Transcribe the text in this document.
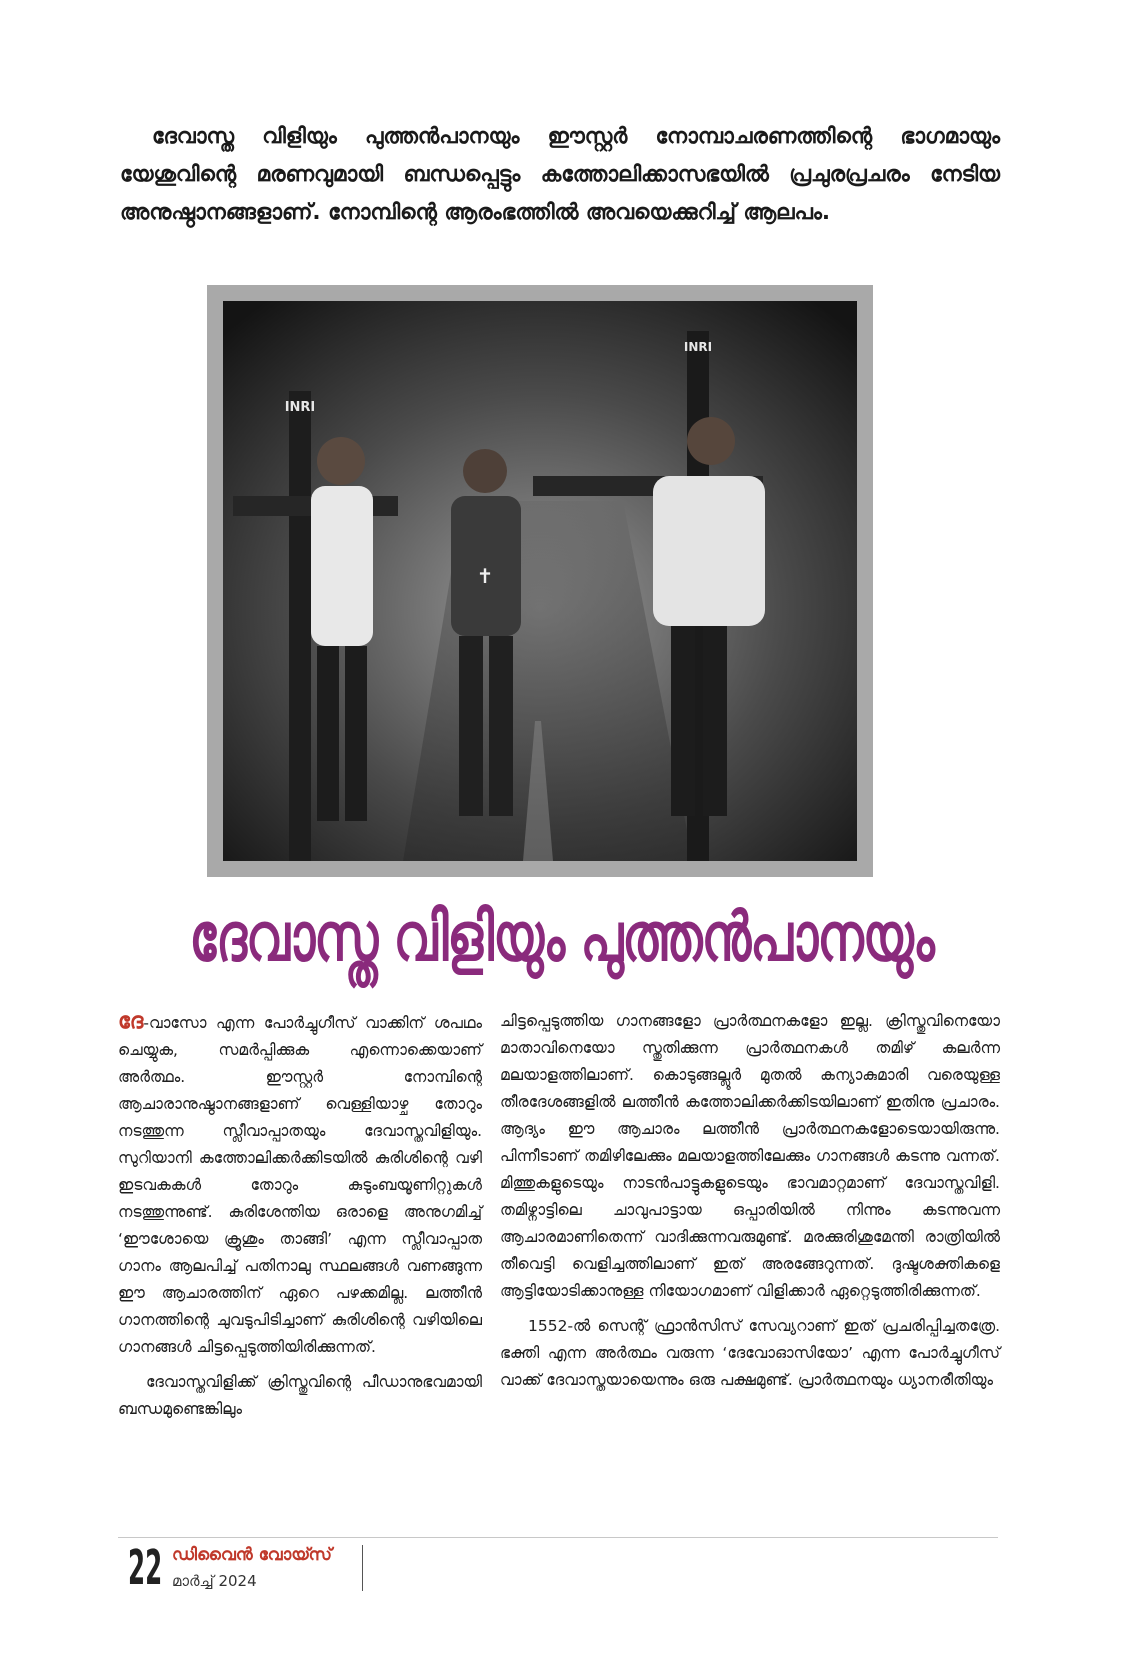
ദേവാസ്ത വിളിയും പുത്തൻപാനയും ഈസ്റ്റർ നോമ്പാചരണത്തിന്റെ ഭാഗമായും യേശുവിന്റെ മരണവുമായി ബന്ധപ്പെട്ടും കത്തോലിക്കാസഭയിൽ പ്രചുരപ്രചരം നേടിയ അനുഷ്ഠാനങ്ങളാണ്. നോമ്പിന്റെ ആരംഭത്തിൽ അവയെക്കുറിച്ച് ആലപം.

INRI
✝
INRI
ദേവാസ്ത വിളിയും പുത്തൻപാനയും

ദേ-വാസോ എന്ന പോർച്ചുഗീസ് വാക്കിന് ശപഥം ചെയ്യുക, സമർപ്പിക്കുക എന്നൊക്കെയാണ് അർത്ഥം. ഈസ്റ്റർ നോമ്പിന്റെ ആചാരാനുഷ്ഠാനങ്ങളാണ് വെള്ളിയാഴ്ച തോറും നടത്തുന്ന സ്ലീവാപ്പാതയും ദേവാസ്തവിളിയും. സുറിയാനി കത്തോലിക്കർക്കിടയിൽ കുരിശിന്റെ വഴി ഇടവകകൾ തോറും കുടുംബയൂണിറ്റുകൾ നടത്തുന്നുണ്ട്. കുരിശേന്തിയ ഒരാളെ അനുഗമിച്ച് ‘ഈശോയെ ക്രൂശും താങ്ങി’ എന്ന സ്ലീവാപ്പാത ഗാനം ആലപിച്ച് പതിനാലു സ്ഥലങ്ങൾ വണങ്ങുന്ന ഈ ആചാരത്തിന് ഏറെ പഴക്കമില്ല. ലത്തീൻ ഗാനത്തിന്റെ ചുവടുപിടിച്ചാണ് കുരിശിന്റെ വഴിയിലെ ഗാനങ്ങൾ ചിട്ടപ്പെടുത്തിയിരിക്കുന്നത്.

ദേവാസ്തവിളിക്ക് ക്രിസ്തുവിന്റെ പീഡാനുഭവമായി ബന്ധമുണ്ടെങ്കിലും

ചിട്ടപ്പെടുത്തിയ ഗാനങ്ങളോ പ്രാർത്ഥനകളോ ഇല്ല. ക്രിസ്തുവിനെയോ മാതാവിനെയോ സ്തുതിക്കുന്ന പ്രാർത്ഥനകൾ തമിഴ് കലർന്ന മലയാളത്തിലാണ്. കൊടുങ്ങല്ലൂർ മുതൽ കന്യാകുമാരി വരെയുള്ള തീരദേശങ്ങളിൽ ലത്തീൻ കത്തോലിക്കർക്കിടയിലാണ് ഇതിനു പ്രചാരം. ആദ്യം ഈ ആചാരം ലത്തീൻ പ്രാർത്ഥനകളോടെയായിരുന്നു. പിന്നീടാണ് തമിഴിലേക്കും മലയാളത്തിലേക്കും ഗാനങ്ങൾ കടന്നു വന്നത്. മിത്തുകളുടെയും നാടൻപാട്ടുകളുടെയും ഭാവമാറ്റമാണ് ദേവാസ്തവിളി. തമിഴ്നാട്ടിലെ ചാവുപാട്ടായ ഒപ്പാരിയിൽ നിന്നും കടന്നുവന്ന ആചാരമാണിതെന്ന് വാദിക്കുന്നവരുമുണ്ട്. മരക്കുരിശുമേന്തി രാത്രിയിൽ തീവെട്ടി വെളിച്ചത്തിലാണ് ഇത് അരങ്ങേറുന്നത്. ദുഷ്ടശക്തികളെ ആട്ടിയോടിക്കാനുള്ള നിയോഗമാണ് വിളിക്കാർ ഏറ്റെടുത്തിരിക്കുന്നത്.

1552-ൽ സെന്റ് ഫ്രാൻസിസ് സേവ്യറാണ് ഇത് പ്രചരിപ്പിച്ചതത്രേ. ഭക്തി എന്ന അർത്ഥം വരുന്ന ‘ദേവോഓസിയോ’ എന്ന പോർച്ചുഗീസ് വാക്ക് ദേവാസ്തയായെന്നും ഒരു പക്ഷമുണ്ട്. പ്രാർത്ഥനയും ധ്യാനരീതിയും

22 ഡിവൈൻ വോയ്സ്
മാർച്ച് 2024
